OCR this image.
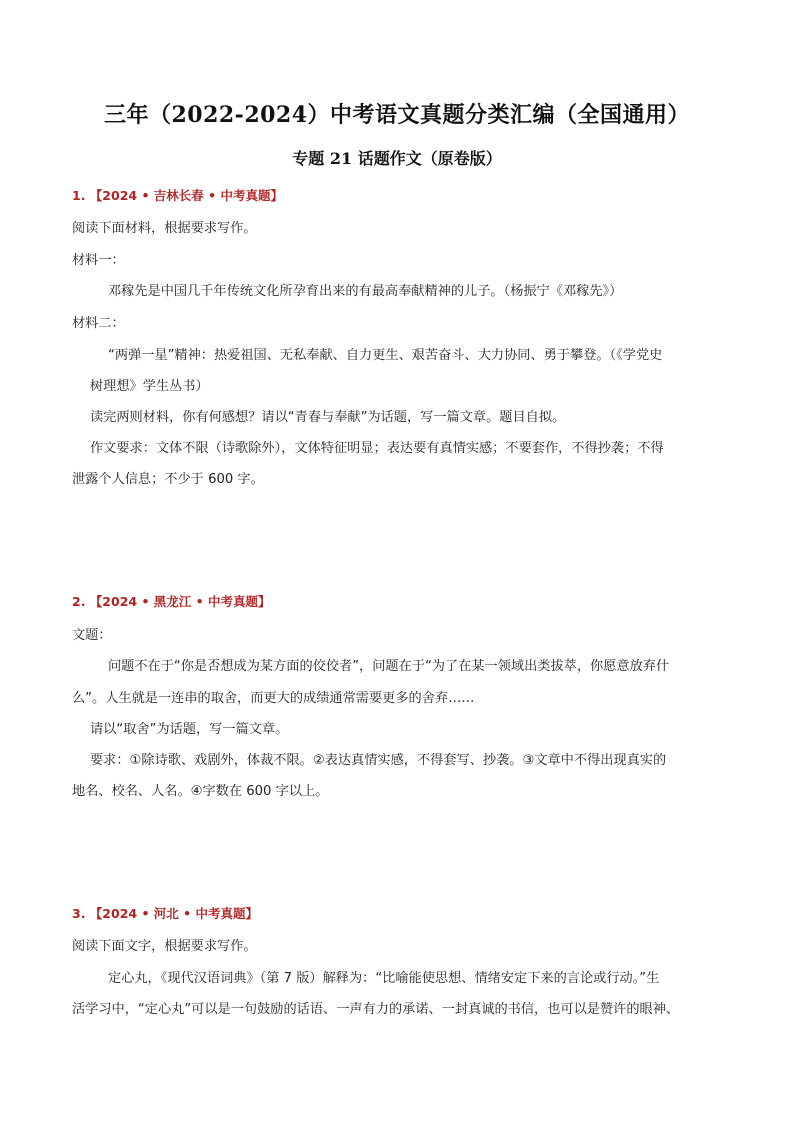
三年（2022-2024）中考语文真题分类汇编（全国通用）
专题 21 话题作文（原卷版）
1. 【2024 • 吉林长春 • 中考真题】
阅读下面材料，根据要求写作。
材料一：
邓稼先是中国几千年传统文化所孕育出来的有最高奉献精神的儿子。（杨振宁《邓稼先》）
材料二：
“两弹一星”精神：热爱祖国、无私奉献、自力更生、艰苦奋斗、大力协同、勇于攀登。（《学党史
树理想》学生丛书）
读完两则材料，你有何感想？请以“青春与奉献”为话题，写一篇文章。题目自拟。
作文要求：文体不限（诗歌除外），文体特征明显；表达要有真情实感；不要套作，不得抄袭；不得
泄露个人信息；不少于 600 字。
2. 【2024 • 黑龙江 • 中考真题】
文题：
问题不在于“你是否想成为某方面的佼佼者”，问题在于“为了在某一领域出类拔萃，你愿意放弃什
么”。人生就是一连串的取舍，而更大的成绩通常需要更多的舍弃……
请以“取舍”为话题，写一篇文章。
要求：①除诗歌、戏剧外，体裁不限。②表达真情实感，不得套写、抄袭。③文章中不得出现真实的
地名、校名、人名。④字数在 600 字以上。
3. 【2024 • 河北 • 中考真题】
阅读下面文字，根据要求写作。
定心丸，《现代汉语词典》（第 7 版）解释为：“比喻能使思想、情绪安定下来的言论或行动。”生
活学习中，“定心丸”可以是一句鼓励的话语、一声有力的承诺、一封真诚的书信，也可以是赞许的眼神、
